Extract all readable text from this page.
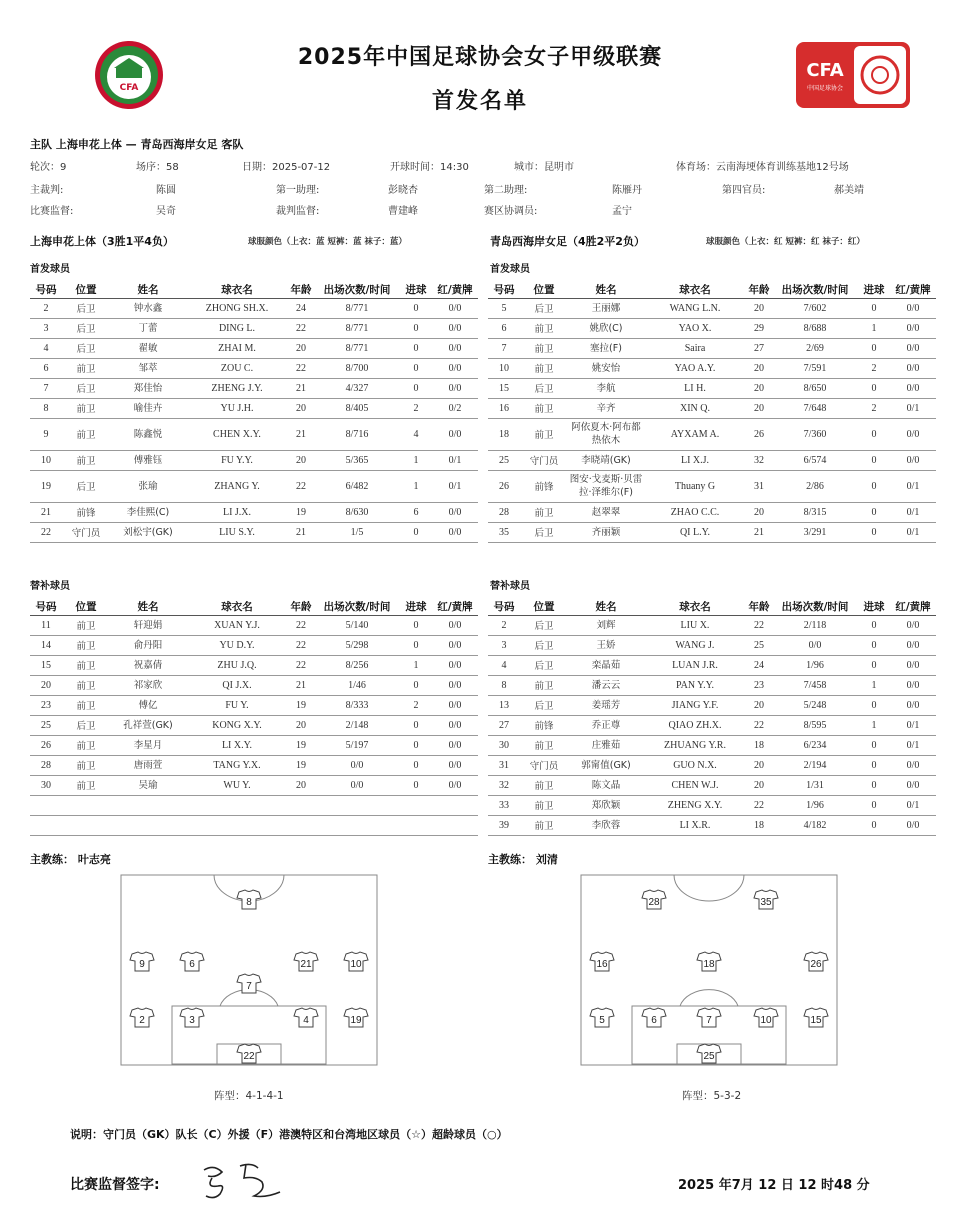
CFA
2025年中国足球协会女子甲级联赛
首发名单
CFA
中国足球协会
主队 上海申花上体 — 青岛西海岸女足 客队
轮次：9	场序：58	日期：2025-07-12	开球时间：14:30	城市：昆明市	体育场：云南海埂体育训练基地12号场
主裁判:	陈圆	第一助理:	彭晓杏	第二助理:	陈雁丹	第四官员:	郝美靖
比赛监督:	吴奇	裁判监督:	曹建峰	赛区协调员:	孟宁
上海申花上体（3胜1平4负）	球服颜色（上衣：蓝 短裤：蓝 袜子：蓝）	青岛西海岸女足（4胜2平2负）	球服颜色（上衣：红 短裤：红 袜子：红）
首发球员	首发球员
号码	位置	姓名	球衣名	年龄	出场次数/时间	进球	红/黄牌
2	后卫	钟水鑫	ZHONG SH.X.	24	8/771	0	0/0
3	后卫	丁蕾	DING L.	22	8/771	0	0/0
4	后卫	翟敏	ZHAI M.	20	8/771	0	0/0
6	前卫	邹萃	ZOU C.	22	8/700	0	0/0
7	后卫	郑佳怡	ZHENG J.Y.	21	4/327	0	0/0
8	前卫	喻佳卉	YU J.H.	20	8/405	2	0/2
9	前卫	陈鑫悦	CHEN X.Y.	21	8/716	4	0/0
10	前卫	傅雅钰	FU Y.Y.	20	5/365	1	0/1
19	后卫	张瑜	ZHANG Y.	22	6/482	1	0/1
21	前锋	李佳熙(C)	LI J.X.	19	8/630	6	0/0
22	守门员	刘松宇(GK)	LIU S.Y.	21	1/5	0	0/0
号码	位置	姓名	球衣名	年龄	出场次数/时间	进球	红/黄牌
5	后卫	王丽娜	WANG L.N.	20	7/602	0	0/0
6	前卫	姚欣(C)	YAO X.	29	8/688	1	0/0
7	前卫	塞拉(F)	Saira	27	2/69	0	0/0
10	前卫	姚安怡	YAO A.Y.	20	7/591	2	0/0
15	后卫	李航	LI H.	20	8/650	0	0/0
16	前卫	辛齐	XIN Q.	20	7/648	2	0/1
18	前卫	阿依夏木·阿布都热依木	AYXAM A.	26	7/360	0	0/0
25	守门员	李晓靖(GK)	LI X.J.	32	6/574	0	0/0
26	前锋	图安·戈麦斯·贝雷拉·泽维尔(F)	Thuany G	31	2/86	0	0/1
28	前卫	赵翠翠	ZHAO C.C.	20	8/315	0	0/1
35	后卫	齐丽颖	QI L.Y.	21	3/291	0	0/1
替补球员	替补球员
号码	位置	姓名	球衣名	年龄	出场次数/时间	进球	红/黄牌
11	前卫	轩迎娟	XUAN Y.J.	22	5/140	0	0/0
14	前卫	俞丹阳	YU D.Y.	22	5/298	0	0/0
15	前卫	祝嘉倩	ZHU J.Q.	22	8/256	1	0/0
20	前卫	祁家欣	QI J.X.	21	1/46	0	0/0
23	前卫	傅亿	FU Y.	19	8/333	2	0/0
25	后卫	孔祥萱(GK)	KONG X.Y.	20	2/148	0	0/0
26	前卫	李星月	LI X.Y.	19	5/197	0	0/0
28	前卫	唐雨萱	TANG Y.X.	19	0/0	0	0/0
30	前卫	吴瑜	WU Y.	20	0/0	0	0/0

号码	位置	姓名	球衣名	年龄	出场次数/时间	进球	红/黄牌
2	后卫	刘辉	LIU X.	22	2/118	0	0/0
3	后卫	王娇	WANG J.	25	0/0	0	0/0
4	后卫	栾晶茹	LUAN J.R.	24	1/96	0	0/0
8	前卫	潘云云	PAN Y.Y.	23	7/458	1	0/0
13	后卫	姜瑶芳	JIANG Y.F.	20	5/248	0	0/0
27	前锋	乔正尊	QIAO ZH.X.	22	8/595	1	0/1
30	前卫	庄雅茹	ZHUANG Y.R.	18	6/234	0	0/1
31	守门员	郭甯值(GK)	GUO N.X.	20	2/194	0	0/0
32	前卫	陈文晶	CHEN W.J.	20	1/31	0	0/0
33	前卫	郑欣颖	ZHENG X.Y.	22	1/96	0	0/1
39	前卫	李欣蓉	LI X.R.	18	4/182	0	0/0
主教练： 叶志亮	主教练： 刘清
8
9	6	21	10
7
2	3	4	19
22
阵型：4-1-4-1
28	35
16	18	26
5	6	7	10	15
25
阵型：5-3-2
说明：守门员（GK）队长（C）外援（F）港澳特区和台湾地区球员（☆）超龄球员（○）
比赛监督签字:	2025 年7月 12 日 12 时48 分
